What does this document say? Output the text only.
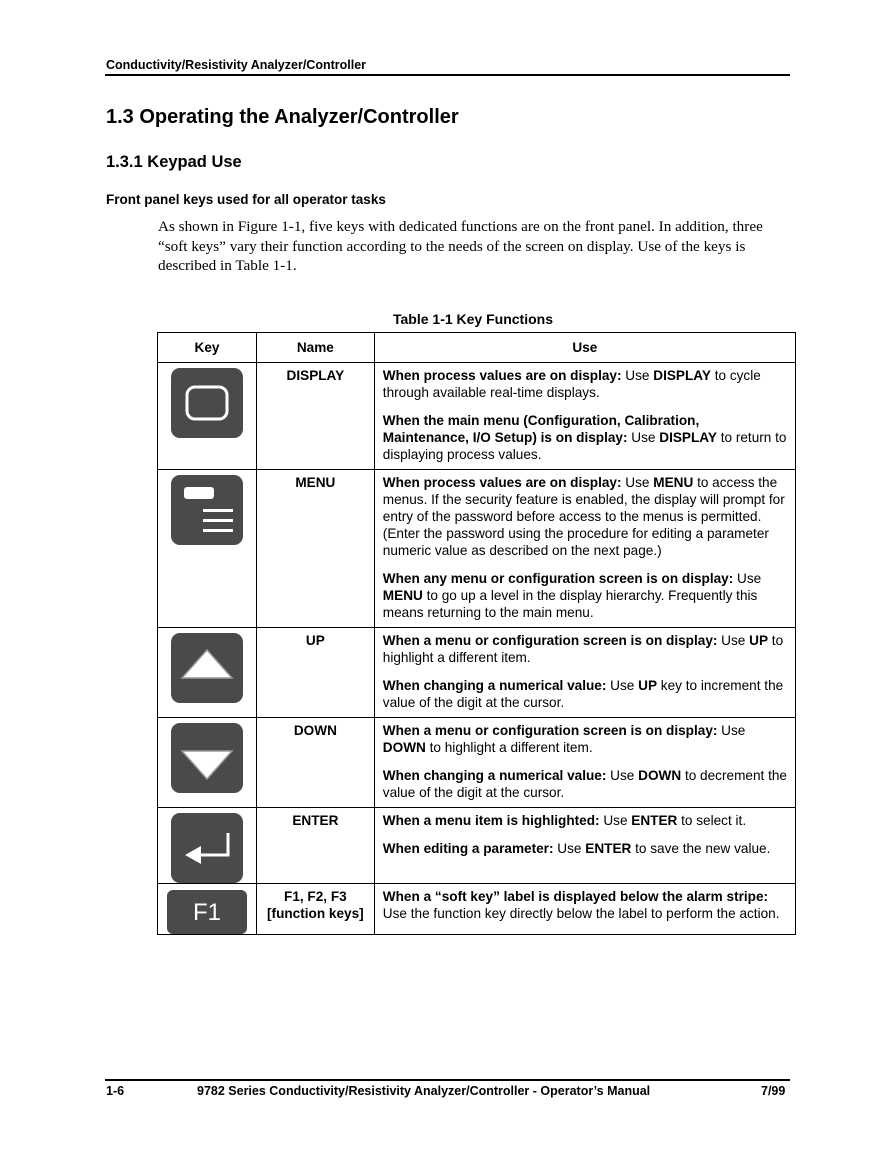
Conductivity/Resistivity Analyzer/Controller
1.3 Operating the Analyzer/Controller
1.3.1 Keypad Use
Front panel keys used for all operator tasks

As shown in Figure 1-1, five keys with dedicated functions are on the front panel. In addition, three “soft keys” vary their function according to the needs of the screen on display. Use of the keys is described in Table 1-1.

Table 1-1 Key Functions
Key	Name	Use

	DISPLAY	When process values are on display: Use DISPLAY to cycle through available real-time displays.

When the main menu (Configuration, Calibration, Maintenance, I/O Setup) is on display: Use DISPLAY to return to displaying process values.

	MENU	When process values are on display: Use MENU to access the menus. If the security feature is enabled, the display will prompt for entry of the password before access to the menus is permitted. (Enter the password using the procedure for editing a parameter numeric value as described on the next page.)

When any menu or configuration screen is on display: Use MENU to go up a level in the display hierarchy. Frequently this means returning to the main menu.

	UP	When a menu or configuration screen is on display: Use UP to highlight a different item.

When changing a numerical value: Use UP key to increment the value of the digit at the cursor.

	DOWN	When a menu or configuration screen is on display: Use DOWN to highlight a different item.

When changing a numerical value: Use DOWN to decrement the value of the digit at the cursor.

	ENTER	When a menu item is highlighted: Use ENTER to select it.

When editing a parameter: Use ENTER to save the new value.

F1	F1, F2, F3 [function keys]	When a “soft key” label is displayed below the alarm stripe: Use the function key directly below the label to perform the action.

1-6	9782 Series Conductivity/Resistivity Analyzer/Controller - Operator’s Manual	7/99
